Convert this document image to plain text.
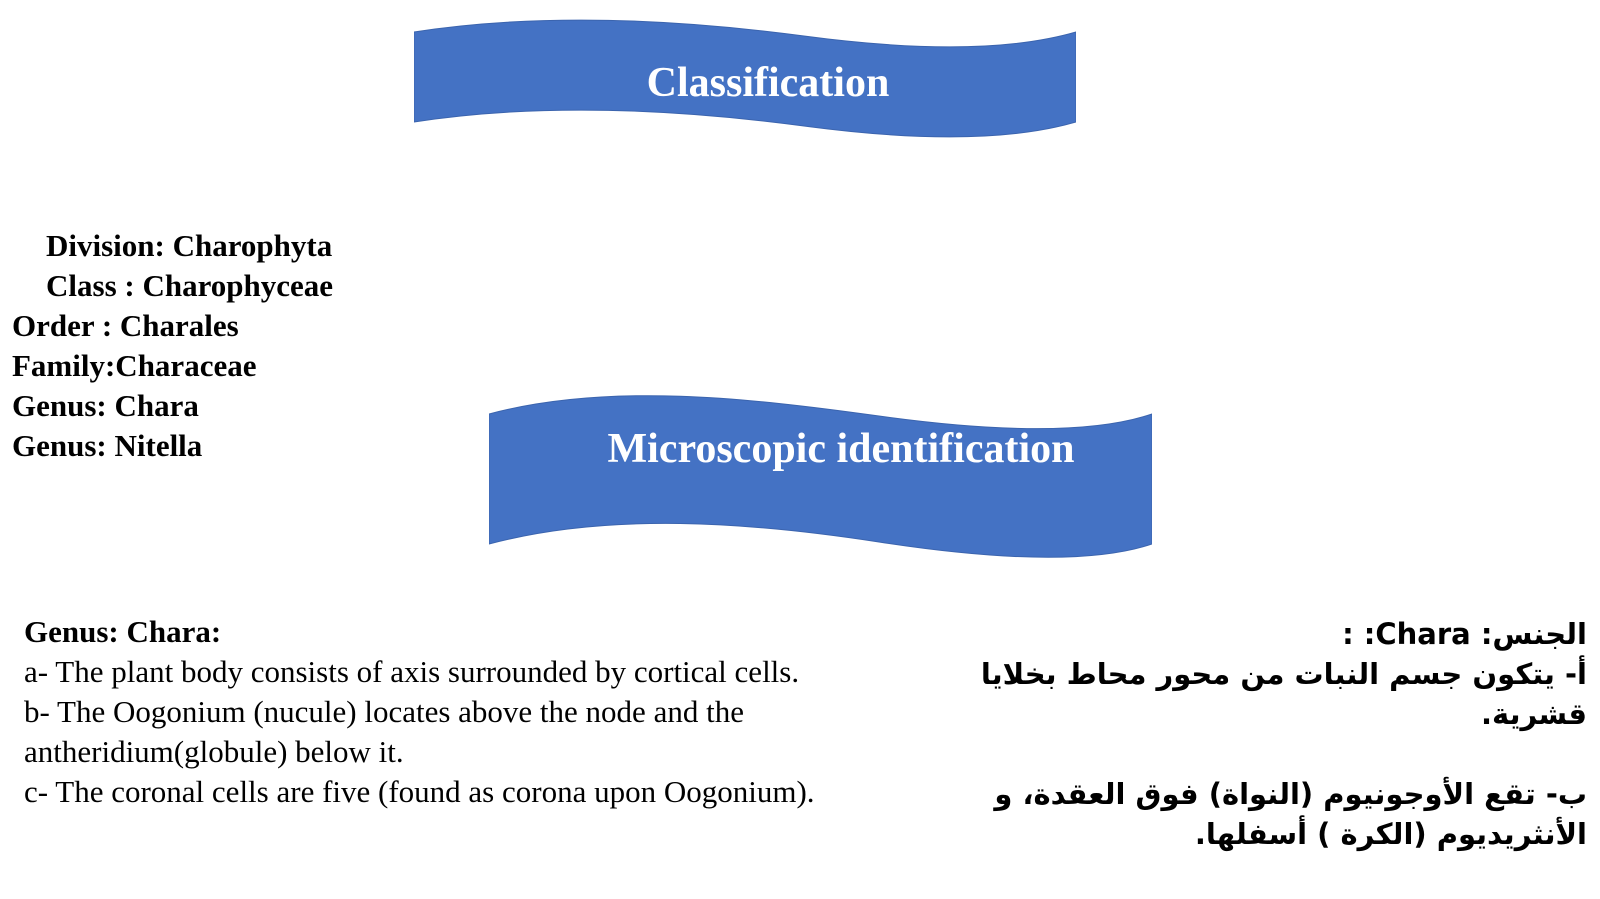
Classification
Microscopic identification
Division: Charophyta
Class : Charophyceae
Order : Charales
Family:Characeae
Genus: Chara
Genus: Nitella
Genus: Chara:
a- The plant body consists of axis surrounded by cortical cells.
b- The Oogonium (nucule) locates above the node and the antheridium(globule) below it.
c- The coronal cells are five (found as corona upon Oogonium).

الجنس: Chara: :

أ- يتكون جسم النبات من محور محاط بخلايا قشرية.

ب- تقع الأوجونيوم (النواة) فوق العقدة، و الأنثريديوم (الكرة ) أسفلها.
